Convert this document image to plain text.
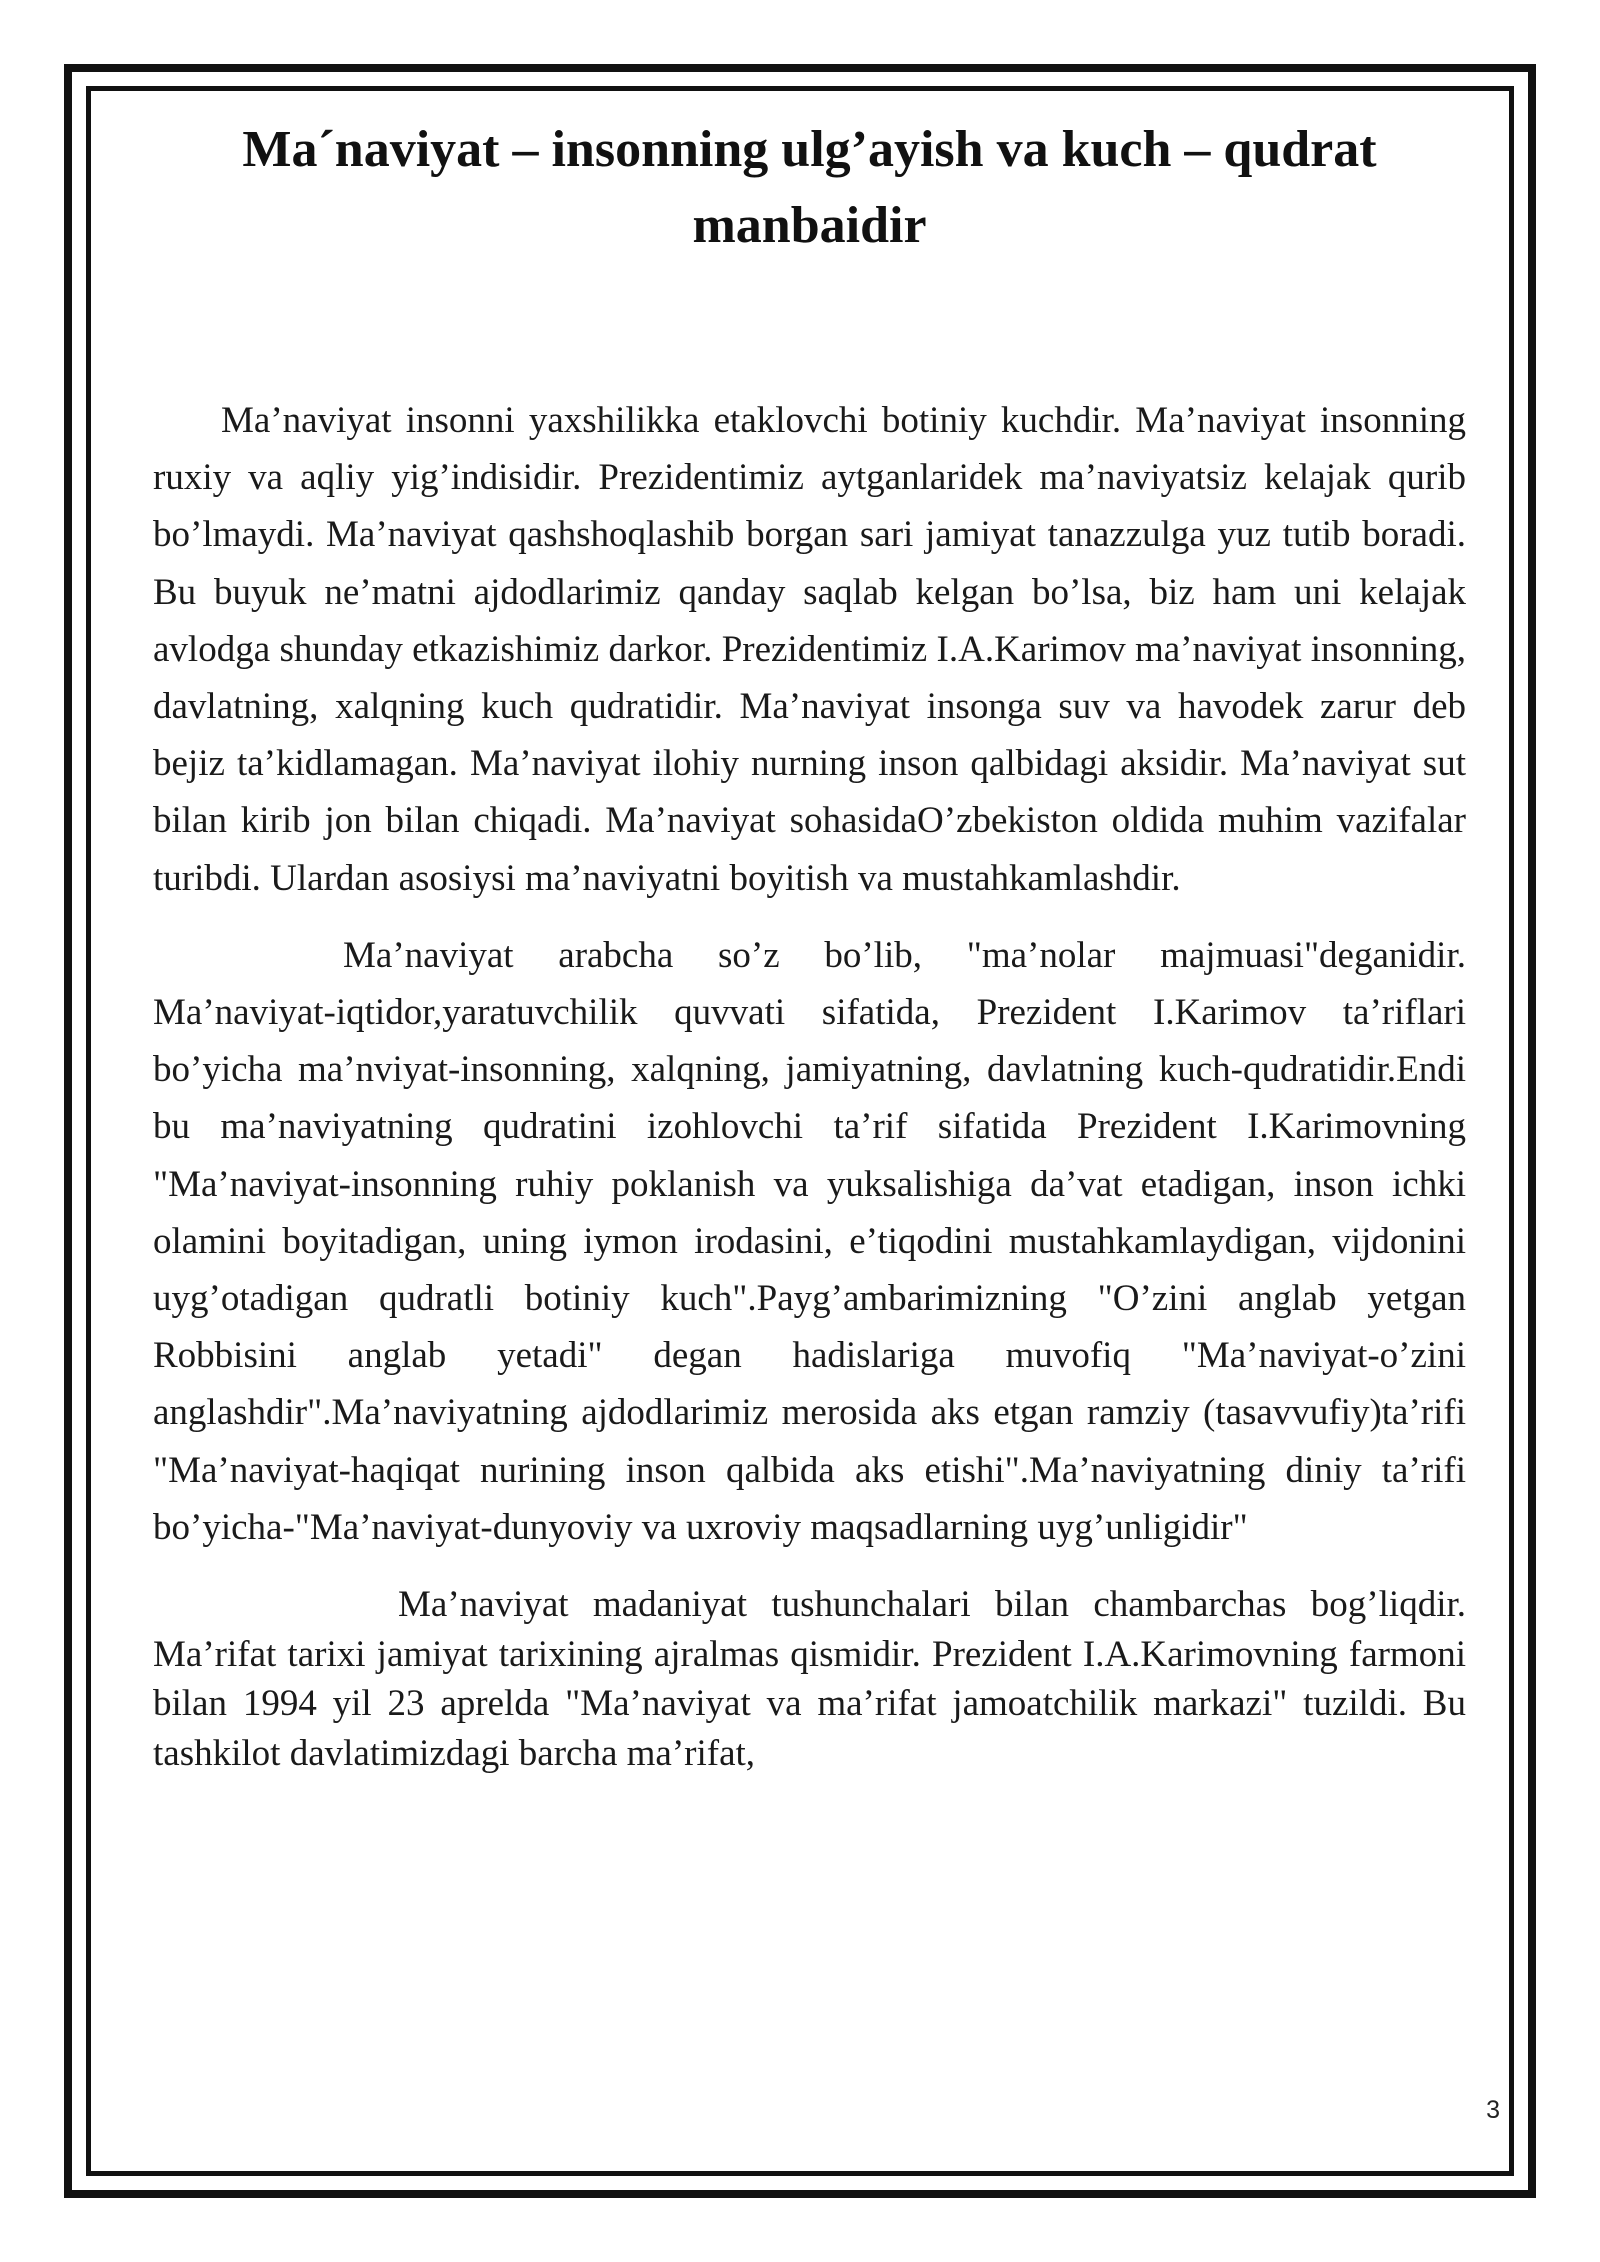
Ma´naviyat – insonning ulg’ayish va kuch – qudrat manbaidir

Ma’naviyat insonni yaxshilikka etaklovchi botiniy kuchdir. Ma’naviyat insonning ruxiy va aqliy yig’indisidir. Prezidentimiz aytganlaridek ma’naviyatsiz kelajak qurib bo’lmaydi. Ma’naviyat qashshoqlashib borgan sari jamiyat tanazzulga yuz tutib boradi. Bu buyuk ne’matni ajdodlarimiz qanday saqlab kelgan bo’lsa, biz ham uni kelajak avlodga shunday etkazishimiz darkor. Prezidentimiz I.A.Karimov ma’naviyat insonning, davlatning, xalqning kuch qudratidir. Ma’naviyat insonga suv va havodek zarur deb bejiz ta’kidlamagan. Ma’naviyat ilohiy nurning inson qalbidagi aksidir. Ma’naviyat sut bilan kirib jon bilan chiqadi. Ma’naviyat sohasidaO’zbekiston oldida muhim vazifalar turibdi. Ulardan asosiysi ma’naviyatni boyitish va mustahkamlashdir.

Ma’naviyat arabcha so’z bo’lib, "ma’nolar majmuasi"deganidir. Ma’naviyat-iqtidor,yaratuvchilik quvvati sifatida, Prezident I.Karimov ta’riflari bo’yicha ma’nviyat-insonning, xalqning, jamiyatning, davlatning kuch-qudratidir.Endi bu ma’naviyatning qudratini izohlovchi ta’rif sifatida Prezident I.Karimovning "Ma’naviyat-insonning ruhiy poklanish va yuksalishiga da’vat etadigan, inson ichki olamini boyitadigan, uning iymon irodasini, e’tiqodini mustahkamlaydigan, vijdonini uyg’otadigan qudratli botiniy kuch".Payg’ambarimizning "O’zini anglab yetgan Robbisini anglab yetadi" degan hadislariga muvofiq "Ma’naviyat-o’zini anglashdir".Ma’naviyatning ajdodlarimiz merosida aks etgan ramziy (tasavvufiy)ta’rifi "Ma’naviyat-haqiqat nurining inson qalbida aks etishi".Ma’naviyatning diniy ta’rifi bo’yicha-"Ma’naviyat-dunyoviy va uxroviy maqsadlarning uyg’unligidir"

Ma’naviyat madaniyat tushunchalari bilan chambarchas bog’liqdir. Ma’rifat tarixi jamiyat tarixining ajralmas qismidir. Prezident I.A.Karimovning farmoni bilan 1994 yil 23 aprelda "Ma’naviyat va ma’rifat jamoatchilik markazi" tuzildi. Bu tashkilot davlatimizdagi barcha ma’rifat,

3
